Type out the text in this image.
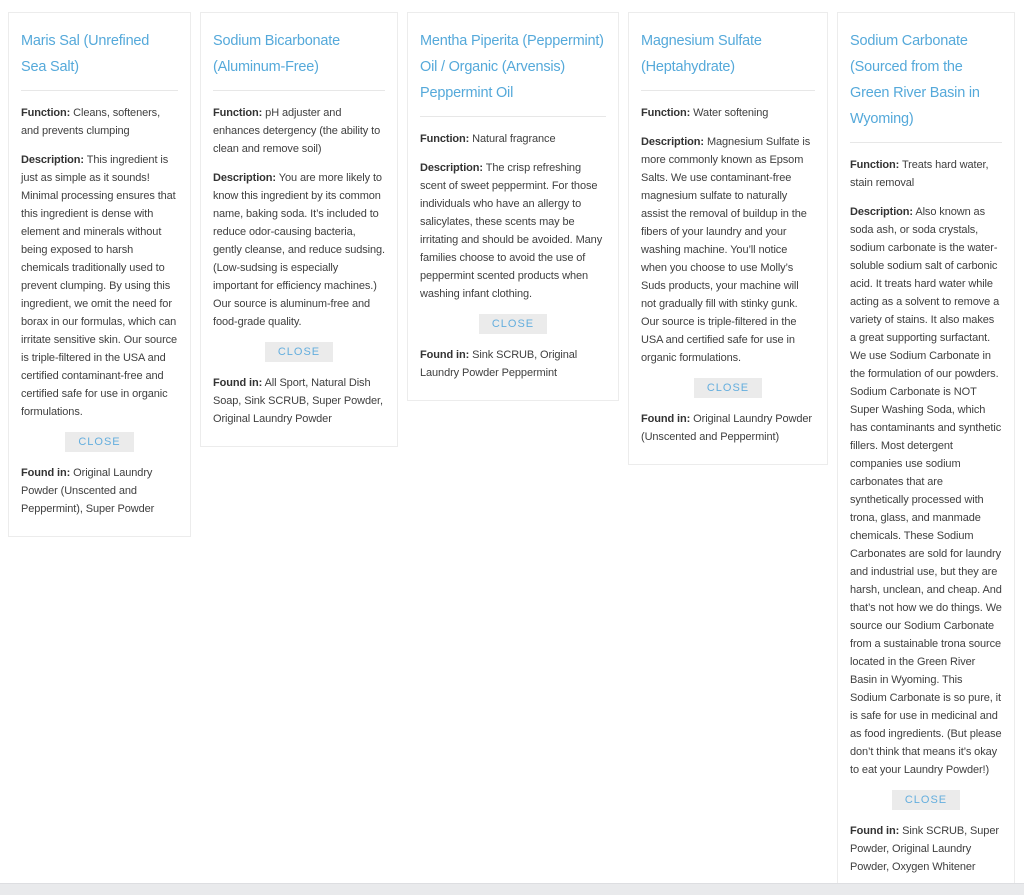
Maris Sal (Unrefined Sea Salt)

Function: Cleans, softeners, and prevents clumping

Description: This ingredient is just as simple as it sounds! Minimal processing ensures that this ingredient is dense with element and minerals without being exposed to harsh chemicals traditionally used to prevent clumping. By using this ingredient, we omit the need for borax in our formulas, which can irritate sensitive skin. Our source is triple-filtered in the USA and certified contaminant-free and certified safe for use in organic formulations.

CLOSE

Found in: Original Laundry Powder (Unscented and Peppermint), Super Powder

Sodium Bicarbonate (Aluminum-Free)

Function: pH adjuster and enhances detergency (the ability to clean and remove soil)

Description: You are more likely to know this ingredient by its common name, baking soda. It’s included to reduce odor-causing bacteria, gently cleanse, and reduce sudsing. (Low-sudsing is especially important for efficiency machines.) Our source is aluminum-free and food-grade quality.

CLOSE

Found in: All Sport, Natural Dish Soap, Sink SCRUB, Super Powder, Original Laundry Powder

Mentha Piperita (Peppermint) Oil / Organic (Arvensis) Peppermint Oil

Function: Natural fragrance

Description: The crisp refreshing scent of sweet peppermint. For those individuals who have an allergy to salicylates, these scents may be irritating and should be avoided. Many families choose to avoid the use of peppermint scented products when washing infant clothing.

CLOSE

Found in: Sink SCRUB, Original Laundry Powder Peppermint

Magnesium Sulfate (Heptahydrate)

Function: Water softening

Description: Magnesium Sulfate is more commonly known as Epsom Salts. We use contaminant-free magnesium sulfate to naturally assist the removal of buildup in the fibers of your laundry and your washing machine. You’ll notice when you choose to use Molly’s Suds products, your machine will not gradually fill with stinky gunk. Our source is triple-filtered in the USA and certified safe for use in organic formulations.

CLOSE

Found in: Original Laundry Powder (Unscented and Peppermint)

Sodium Carbonate (Sourced from the Green River Basin in Wyoming)

Function: Treats hard water, stain removal

Description: Also known as soda ash, or soda crystals, sodium carbonate is the water-soluble sodium salt of carbonic acid. It treats hard water while acting as a solvent to remove a variety of stains. It also makes a great supporting surfactant. We use Sodium Carbonate in the formulation of our powders. Sodium Carbonate is NOT Super Washing Soda, which has contaminants and synthetic fillers. Most detergent companies use sodium carbonates that are synthetically processed with trona, glass, and manmade chemicals. These Sodium Carbonates are sold for laundry and industrial use, but they are harsh, unclean, and cheap. And that’s not how we do things. We source our Sodium Carbonate from a sustainable trona source located in the Green River Basin in Wyoming. This Sodium Carbonate is so pure, it is safe for use in medicinal and as food ingredients. (But please don’t think that means it’s okay to eat your Laundry Powder!)

CLOSE

Found in: Sink SCRUB, Super Powder, Original Laundry Powder, Oxygen Whitener
